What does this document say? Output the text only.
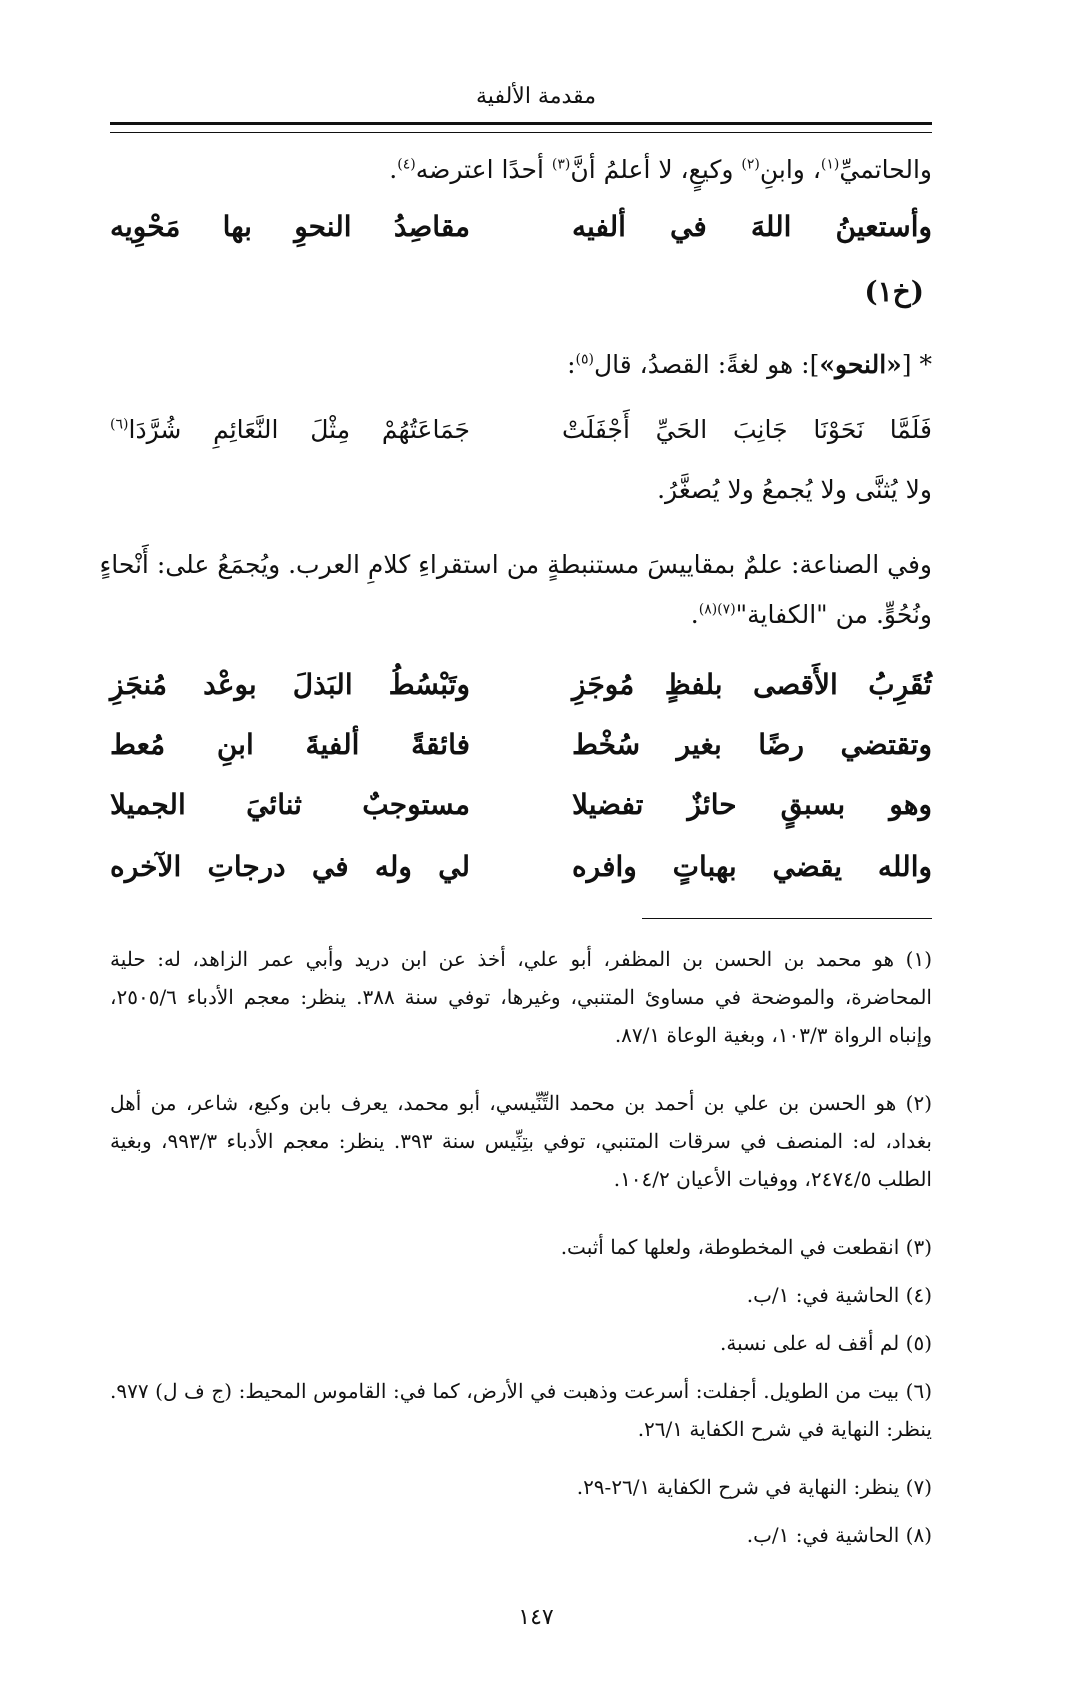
مقدمة الألفية
والحاتميِّ$^{(١)}$، وابنِ$^{(٢)}$ وكيعٍ، لا أعلمُ أنَّ$^{(٣)}$ أحدًا اعترضه$^{(٤)}$.
وأستعينُ
اللهَ
في
ألفيه
مقاصِدُ
النحوِ
بها
مَحْوِيه
(خ١)
* [«النحو»]: هو لغةً: القصدُ، قال$^{(٥)}$:
فَلَمَّا
نَحَوْنَا
جَانِبَ
الحَيِّ
أَجْفَلَتْ
جَمَاعَتُهُمْ
مِثْلَ
النَّعَائِمِ
شُرَّدَا$^{(٦)}$
ولا يُثنَّى ولا يُجمعُ ولا يُصغَّرُ.
وفي الصناعة: علمٌ بمقاييسَ مستنبطةٍ من استقراءِ كلامِ العرب. ويُجمَعُ على: أَنْحاءٍ
ونُحُوٍّ. من "الكفاية"$^{(٧)(٨)}$.
تُقَرِبُ
الأَقصى
بلفظٍ
مُوجَزِ
وتَبْسُطُ
البَذلَ
بوعْد
مُنجَزِ
وتقتضي
رضًا
بغير
سُخْط
فائقةً
ألفيةَ
ابنِ
مُعط
وهو
بسبقٍ
حائزٌ
تفضيلا
مستوجبٌ
ثنائيَ
الجميلا
والله
يقضي
بهباتٍ
وافره
لي
وله
في
درجاتِ
الآخره
(١) هو محمد بن الحسن بن المظفر، أبو علي، أخذ عن ابن دريد وأبي عمر الزاهد، له: حلية المحاضرة، والموضحة في مساوئ المتنبي، وغيرها، توفي سنة ٣٨٨. ينظر: معجم الأدباء ٢٥٠٥/٦، وإنباه الرواة ١٠٣/٣، وبغية الوعاة ٨٧/١.
(٢) هو الحسن بن علي بن أحمد بن محمد التِّنِّيسي، أبو محمد، يعرف بابن وكيع، شاعر، من أهل بغداد، له: المنصف في سرقات المتنبي، توفي بتِنِّيس سنة ٣٩٣. ينظر: معجم الأدباء ٩٩٣/٣، وبغية الطلب ٢٤٧٤/٥، ووفيات الأعيان ١٠٤/٢.
(٣) انقطعت في المخطوطة، ولعلها كما أثبت.
(٤) الحاشية في: ١/ب.
(٥) لم أقف له على نسبة.
(٦) بيت من الطويل. أجفلت: أسرعت وذهبت في الأرض، كما في: القاموس المحيط: (ج ف ل) ٩٧٧. ينظر: النهاية في شرح الكفاية ٢٦/١.
(٧) ينظر: النهاية في شرح الكفاية ٢٦/١-٢٩.
(٨) الحاشية في: ١/ب.
١٤٧
